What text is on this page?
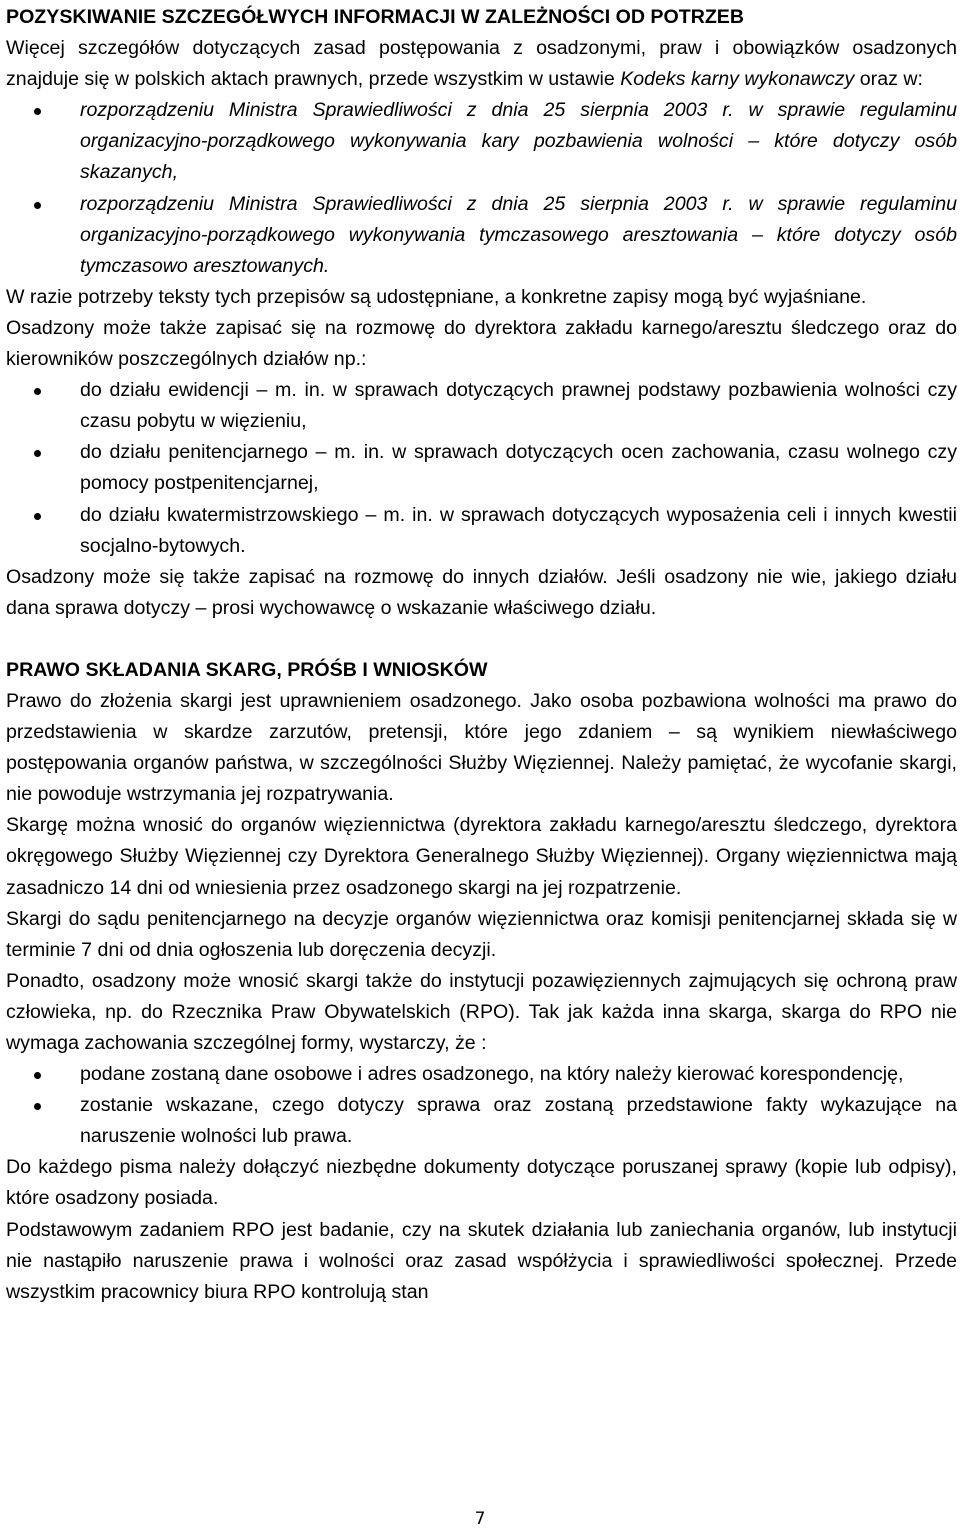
POZYSKIWANIE SZCZEGÓŁWYCH INFORMACJI W ZALEŻNOŚCI OD POTRZEB

Więcej szczegółów dotyczących zasad postępowania z osadzonymi, praw i obowiązków osadzonych znajduje się w polskich aktach prawnych, przede wszystkim w ustawie Kodeks karny wykonawczy oraz w:

rozporządzeniu Ministra Sprawiedliwości z dnia 25 sierpnia 2003 r. w sprawie regulaminu organizacyjno-porządkowego wykonywania kary pozbawienia wolności – które dotyczy osób skazanych,
rozporządzeniu Ministra Sprawiedliwości z dnia 25 sierpnia 2003 r. w sprawie regulaminu organizacyjno-porządkowego wykonywania tymczasowego aresztowania – które dotyczy osób tymczasowo aresztowanych.

W razie potrzeby teksty tych przepisów są udostępniane, a konkretne zapisy mogą być wyjaśniane.

Osadzony może także zapisać się na rozmowę do dyrektora zakładu karnego/aresztu śledczego oraz do kierowników poszczególnych działów np.:

do działu ewidencji – m. in. w sprawach dotyczących prawnej podstawy pozbawienia wolności czy czasu pobytu w więzieniu,
do działu penitencjarnego – m. in. w sprawach dotyczących ocen zachowania, czasu wolnego czy pomocy postpenitencjarnej,
do działu kwatermistrzowskiego – m. in. w sprawach dotyczących wyposażenia celi i innych kwestii socjalno-bytowych.

Osadzony może się także zapisać na rozmowę do innych działów. Jeśli osadzony nie wie, jakiego działu dana sprawa dotyczy – prosi wychowawcę o wskazanie właściwego działu.

PRAWO SKŁADANIA SKARG, PRÓŚB I WNIOSKÓW

Prawo do złożenia skargi jest uprawnieniem osadzonego. Jako osoba pozbawiona wolności ma prawo do przedstawienia w skardze zarzutów, pretensji, które jego zdaniem – są wynikiem niewłaściwego postępowania organów państwa, w szczególności Służby Więziennej. Należy pamiętać, że wycofanie skargi, nie powoduje wstrzymania jej rozpatrywania.

Skargę można wnosić do organów więziennictwa (dyrektora zakładu karnego/aresztu śledczego, dyrektora okręgowego Służby Więziennej czy Dyrektora Generalnego Służby Więziennej). Organy więziennictwa mają zasadniczo 14 dni od wniesienia przez osadzonego skargi na jej rozpatrzenie.

Skargi do sądu penitencjarnego na decyzje organów więziennictwa oraz komisji penitencjarnej składa się w terminie 7 dni od dnia ogłoszenia lub doręczenia decyzji.

Ponadto, osadzony może wnosić skargi także do instytucji pozawięziennych zajmujących się ochroną praw człowieka, np. do Rzecznika Praw Obywatelskich (RPO). Tak jak każda inna skarga, skarga do RPO nie wymaga zachowania szczególnej formy, wystarczy, że :

podane zostaną dane osobowe i adres osadzonego, na który należy kierować korespondencję,
zostanie wskazane, czego dotyczy sprawa oraz zostaną przedstawione fakty wykazujące na naruszenie wolności lub prawa.

Do każdego pisma należy dołączyć niezbędne dokumenty dotyczące poruszanej sprawy (kopie lub odpisy), które osadzony posiada.

Podstawowym zadaniem RPO jest badanie, czy na skutek działania lub zaniechania organów, lub instytucji nie nastąpiło naruszenie prawa i wolności oraz zasad współżycia i sprawiedliwości społecznej. Przede wszystkim pracownicy biura RPO kontrolują stan

7
